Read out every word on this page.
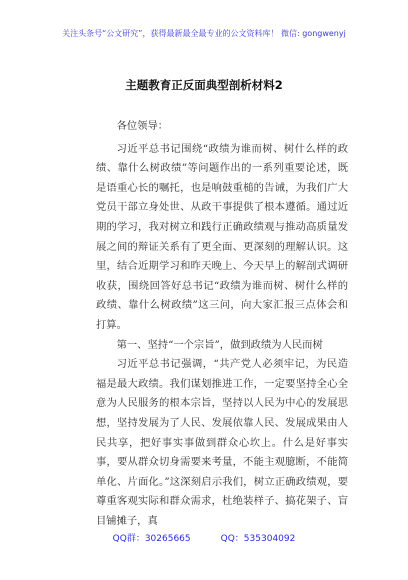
关注头条号“公文研究”，获得最新最全最专业的公文资料库！ 微信: gongwenyj
主题教育正反面典型剖析材料2

各位领导：

习近平总书记围绕“政绩为谁而树、树什么样的政绩、靠什么树政绩”等问题作出的一系列重要论述，既是语重心长的嘱托，也是响鼓重槌的告诫，为我们广大党员干部立身处世、从政干事提供了根本遵循。通过近期的学习，我对树立和践行正确政绩观与推动高质量发展之间的辩证关系有了更全面、更深刻的理解认识。这里，结合近期学习和昨天晚上、今天早上的解剖式调研收获，围绕回答好总书记“政绩为谁而树、树什么样的政绩、靠什么树政绩”这三问，向大家汇报三点体会和打算。

第一、坚持“一个宗旨”，做到政绩为人民而树

习近平总书记强调，“共产党人必须牢记，为民造福是最大政绩。我们谋划推进工作，一定要坚持全心全意为人民服务的根本宗旨，坚持以人民为中心的发展思想，坚持发展为了人民、发展依靠人民、发展成果由人民共享，把好事实事做到群众心坎上。什么是好事实事，要从群众切身需要来考量，不能主观臆断，不能简单化、片面化。”这深刻启示我们，树立正确政绩观，要尊重客观实际和群众需求，杜绝装样子、搞花架子、盲目铺摊子，真

QQ群：30265665	QQ：535304092
